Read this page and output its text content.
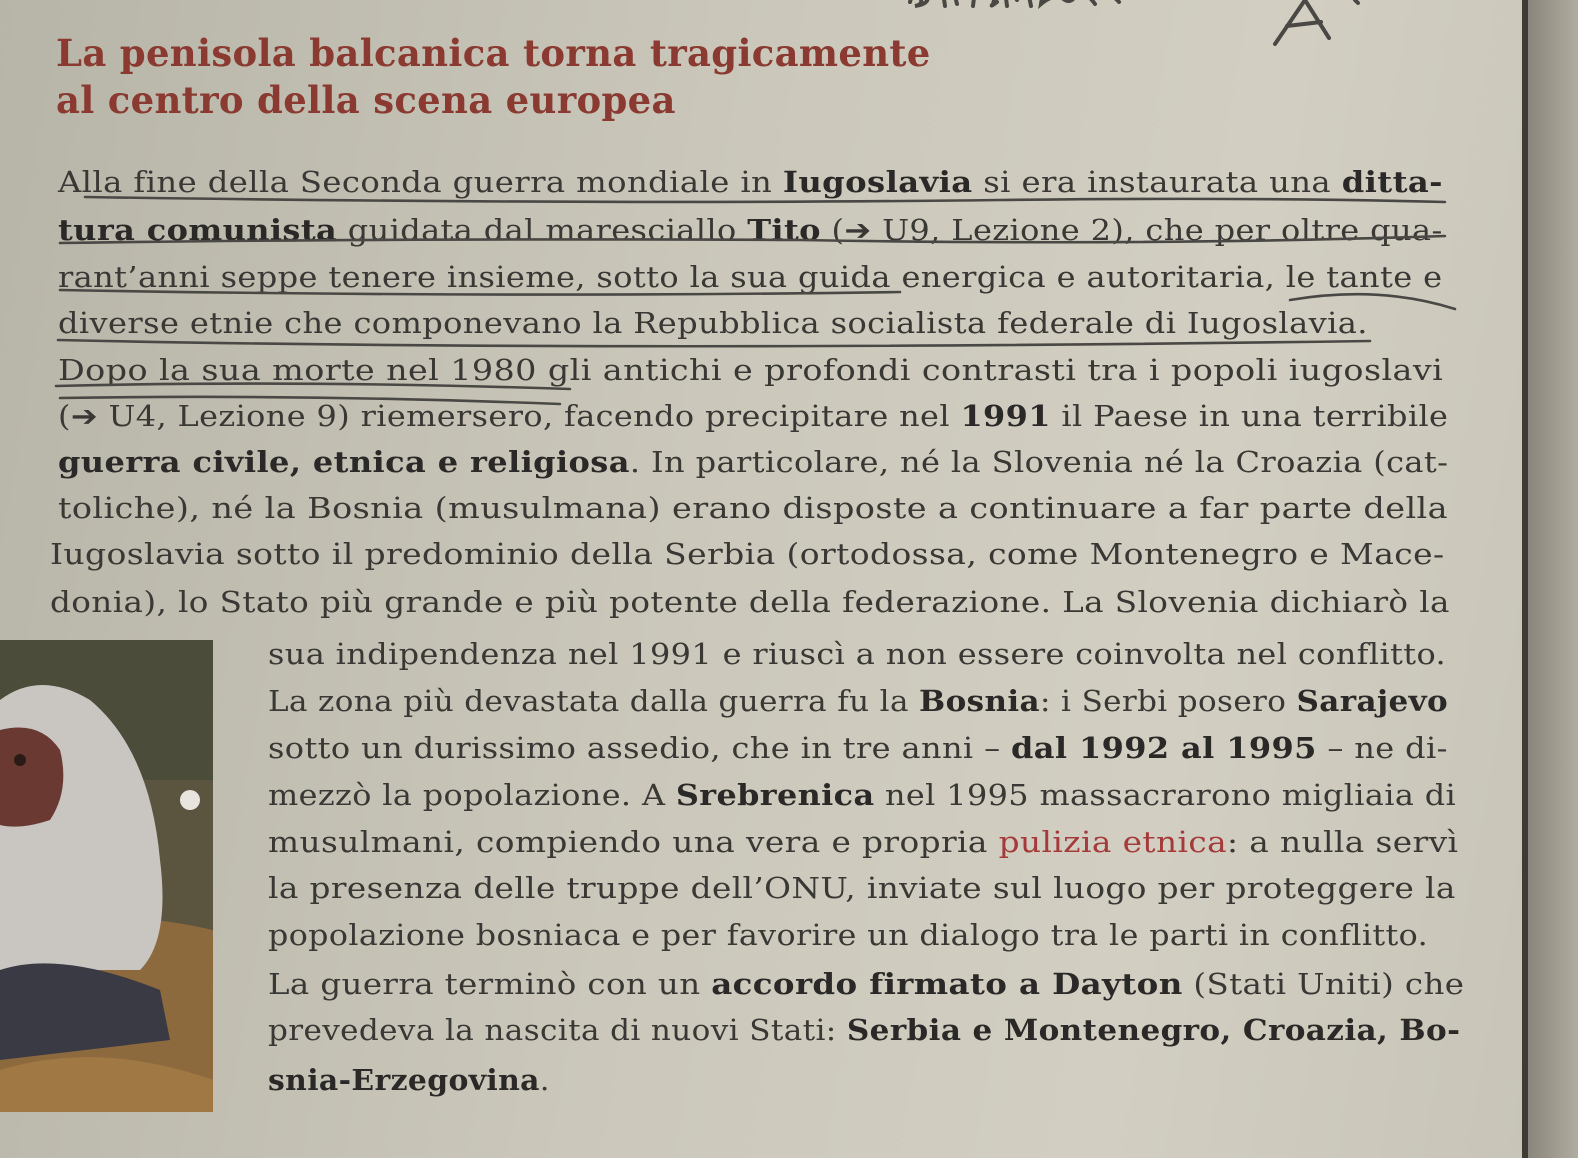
La penisola balcanica torna tragicamente
al centro della scena europea
Alla fine della Seconda guerra mondiale in Iugoslavia si era instaurata una ditta-
tura comunista guidata dal maresciallo Tito (➔ U9, Lezione 2), che per oltre qua-
rant’anni seppe tenere insieme, sotto la sua guida energica e autoritaria, le tante e
diverse etnie che componevano la Repubblica socialista federale di Iugoslavia.
Dopo la sua morte nel 1980 gli antichi e profondi contrasti tra i popoli iugoslavi
(➔ U4, Lezione 9) riemersero, facendo precipitare nel 1991 il Paese in una terribile
guerra civile, etnica e religiosa. In particolare, né la Slovenia né la Croazia (cat-
toliche), né la Bosnia (musulmana) erano disposte a continuare a far parte della
Iugoslavia sotto il predominio della Serbia (ortodossa, come Montenegro e Mace-
donia), lo Stato più grande e più potente della federazione. La Slovenia dichiarò la
sua indipendenza nel 1991 e riuscì a non essere coinvolta nel conflitto.
La zona più devastata dalla guerra fu la Bosnia: i Serbi posero Sarajevo
sotto un durissimo assedio, che in tre anni – dal 1992 al 1995 – ne di-
mezzò la popolazione. A Srebrenica nel 1995 massacrarono migliaia di
musulmani, compiendo una vera e propria pulizia etnica: a nulla servì
la presenza delle truppe dell’ONU, inviate sul luogo per proteggere la
popolazione bosniaca e per favorire un dialogo tra le parti in conflitto.
La guerra terminò con un accordo firmato a Dayton (Stati Uniti) che
prevedeva la nascita di nuovi Stati: Serbia e Montenegro, Croazia, Bo-
snia-Erzegovina.
